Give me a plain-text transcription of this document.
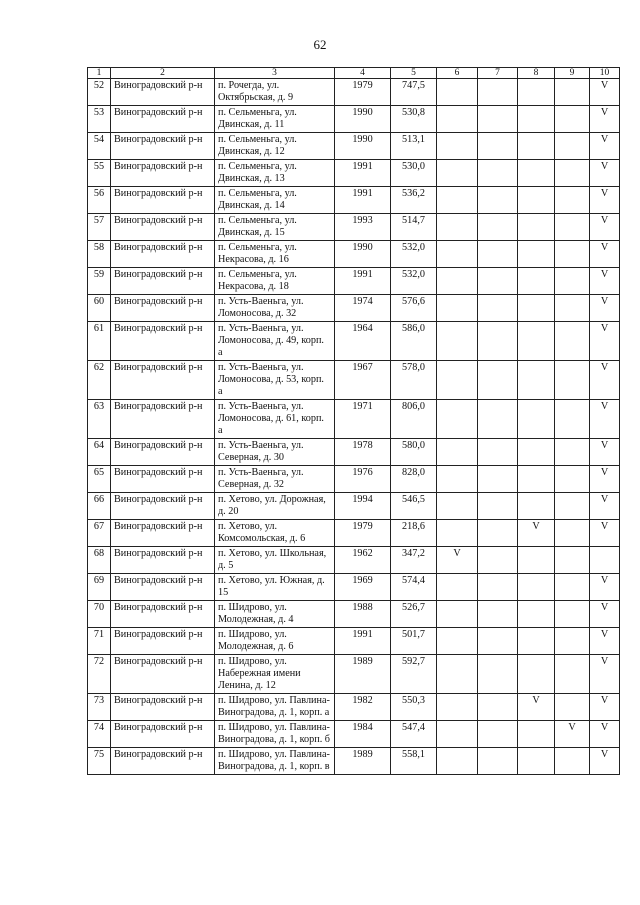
62
1	2	3	4	5	6	7	8	9	10
52	Виноградовский р-н	п. Рочегда, ул. Октябрьская, д. 9	1979	747,5					V
53	Виноградовский р-н	п. Сельменьга, ул. Двинская, д. 11	1990	530,8					V
54	Виноградовский р-н	п. Сельменьга, ул. Двинская, д. 12	1990	513,1					V
55	Виноградовский р-н	п. Сельменьга, ул. Двинская, д. 13	1991	530,0					V
56	Виноградовский р-н	п. Сельменьга, ул. Двинская, д. 14	1991	536,2					V
57	Виноградовский р-н	п. Сельменьга, ул. Двинская, д. 15	1993	514,7					V
58	Виноградовский р-н	п. Сельменьга, ул. Некрасова, д. 16	1990	532,0					V
59	Виноградовский р-н	п. Сельменьга, ул. Некрасова, д. 18	1991	532,0					V
60	Виноградовский р-н	п. Усть-Ваеньга, ул. Ломоносова, д. 32	1974	576,6					V
61	Виноградовский р-н	п. Усть-Ваеньга, ул. Ломоносова, д. 49, корп. а	1964	586,0					V
62	Виноградовский р-н	п. Усть-Ваеньга, ул. Ломоносова, д. 53, корп. а	1967	578,0					V
63	Виноградовский р-н	п. Усть-Ваеньга, ул. Ломоносова, д. 61, корп. а	1971	806,0					V
64	Виноградовский р-н	п. Усть-Ваеньга, ул. Северная, д. 30	1978	580,0					V
65	Виноградовский р-н	п. Усть-Ваеньга, ул. Северная, д. 32	1976	828,0					V
66	Виноградовский р-н	п. Хетово, ул. Дорожная, д. 20	1994	546,5					V
67	Виноградовский р-н	п. Хетово, ул. Комсомольская, д. 6	1979	218,6			V		V
68	Виноградовский р-н	п. Хетово, ул. Школьная, д. 5	1962	347,2	V				
69	Виноградовский р-н	п. Хетово, ул. Южная, д. 15	1969	574,4					V
70	Виноградовский р-н	п. Шидрово, ул. Молодежная, д. 4	1988	526,7					V
71	Виноградовский р-н	п. Шидрово, ул. Молодежная, д. 6	1991	501,7					V
72	Виноградовский р-н	п. Шидрово, ул. Набережная имени Ленина, д. 12	1989	592,7					V
73	Виноградовский р-н	п. Шидрово, ул. Павлина-Виноградова, д. 1, корп. а	1982	550,3			V		V
74	Виноградовский р-н	п. Шидрово, ул. Павлина-Виноградова, д. 1, корп. б	1984	547,4				V	V
75	Виноградовский р-н	п. Шидрово, ул. Павлина-Виноградова, д. 1, корп. в	1989	558,1					V
